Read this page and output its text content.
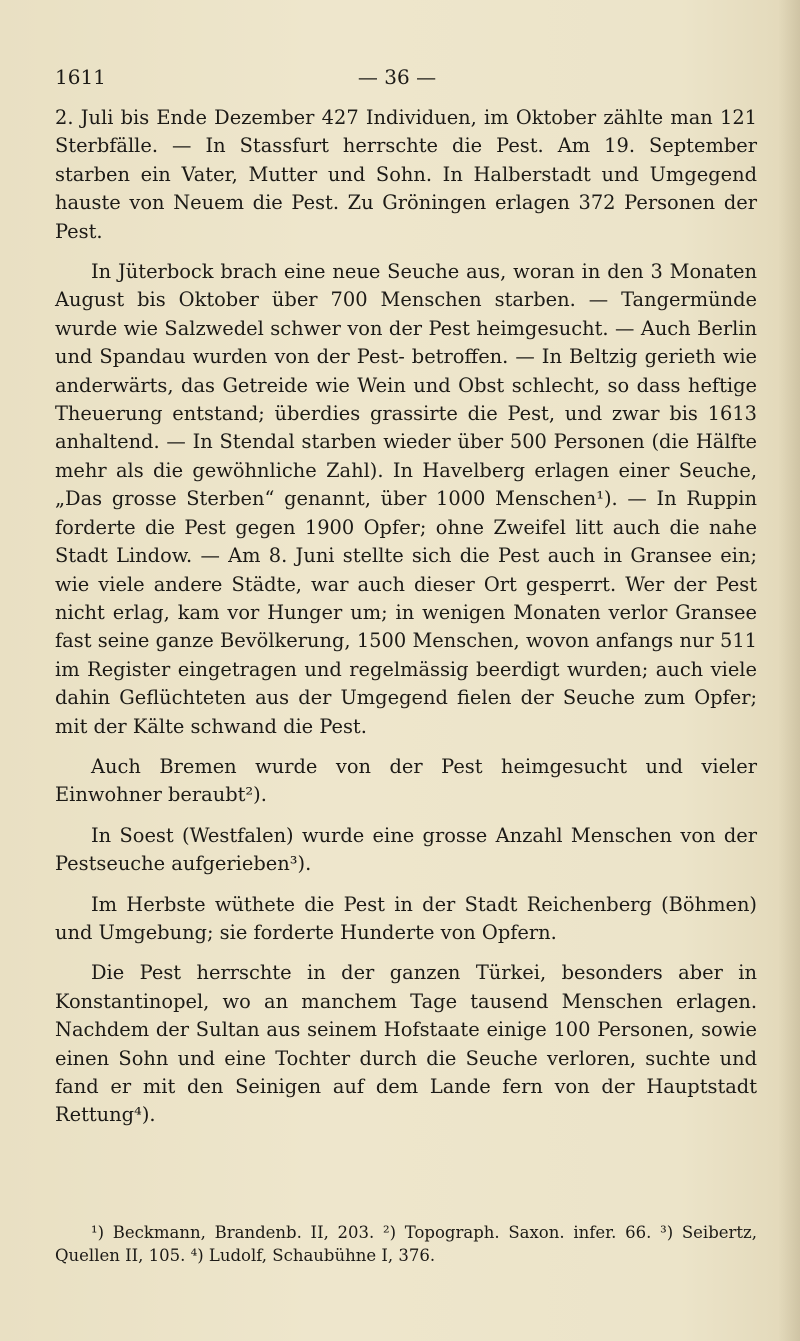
1611	— 36 —

2. Juli bis Ende Dezember 427 Individuen, im Oktober zählte man 121 Sterbfälle. — In Stassfurt herrschte die Pest. Am 19. September starben ein Vater, Mutter und Sohn. In Halberstadt und Umgegend hauste von Neuem die Pest. Zu Gröningen erlagen 372 Personen der Pest.

In Jüterbock brach eine neue Seuche aus, woran in den 3 Monaten August bis Oktober über 700 Menschen starben. — Tangermünde wurde wie Salzwedel schwer von der Pest heimgesucht. — Auch Berlin und Spandau wurden von der Pest- betroffen. — In Beltzig gerieth wie anderwärts, das Getreide wie Wein und Obst schlecht, so dass heftige Theuerung entstand; überdies grassirte die Pest, und zwar bis 1613 anhaltend. — In Stendal starben wieder über 500 Personen (die Hälfte mehr als die gewöhnliche Zahl). In Havelberg erlagen einer Seuche, „Das grosse Sterben“ genannt, über 1000 Menschen¹). — In Ruppin forderte die Pest gegen 1900 Opfer; ohne Zweifel litt auch die nahe Stadt Lindow. — Am 8. Juni stellte sich die Pest auch in Gransee ein; wie viele andere Städte, war auch dieser Ort gesperrt. Wer der Pest nicht erlag, kam vor Hunger um; in wenigen Monaten verlor Gransee fast seine ganze Bevölkerung, 1500 Menschen, wovon anfangs nur 511 im Register eingetragen und regelmässig beerdigt wurden; auch viele dahin Geflüchteten aus der Umgegend fielen der Seuche zum Opfer; mit der Kälte schwand die Pest.

Auch Bremen wurde von der Pest heimgesucht und vieler Einwohner beraubt²).

In Soest (Westfalen) wurde eine grosse Anzahl Menschen von der Pestseuche aufgerieben³).

Im Herbste wüthete die Pest in der Stadt Reichenberg (Böhmen) und Umgebung; sie forderte Hunderte von Opfern.

Die Pest herrschte in der ganzen Türkei, besonders aber in Konstantinopel, wo an manchem Tage tausend Menschen erlagen. Nachdem der Sultan aus seinem Hofstaate einige 100 Personen, sowie einen Sohn und eine Tochter durch die Seuche verloren, suchte und fand er mit den Seinigen auf dem Lande fern von der Hauptstadt Rettung⁴).

¹) Beckmann, Brandenb. II, 203. ²) Topograph. Saxon. infer. 66. ³) Seibertz, Quellen II, 105. ⁴) Ludolf, Schaubühne I, 376.
